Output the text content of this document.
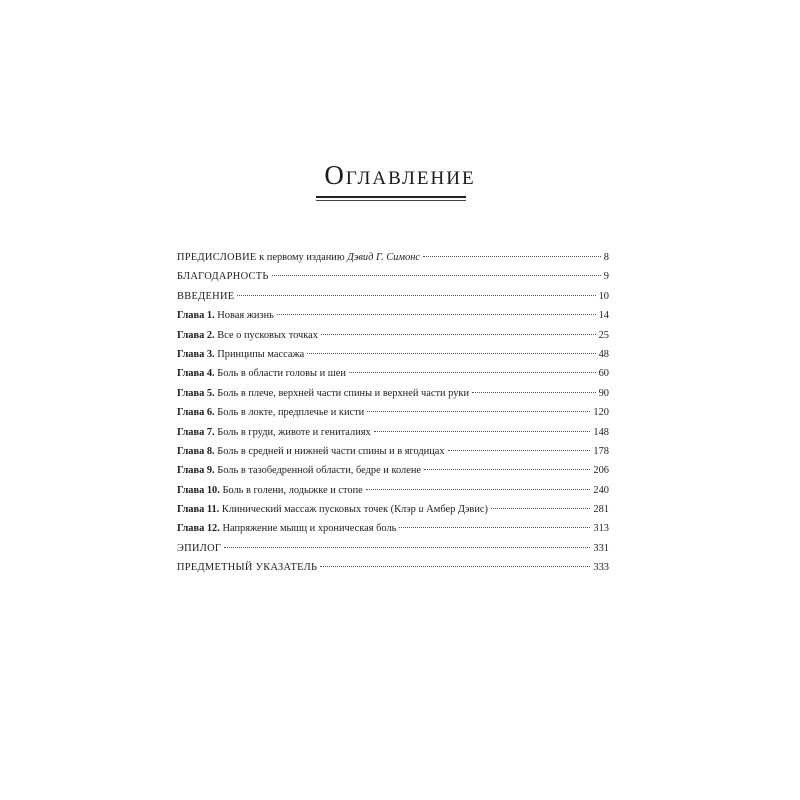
Оглавление
ПРЕДИСЛОВИЕ к первому изданию Дэвид Г. Симонс	8
БЛАГОДАРНОСТЬ	9
ВВЕДЕНИЕ	10
Глава 1. Новая жизнь	14
Глава 2. Все о пусковых точках	25
Глава 3. Принципы массажа	48
Глава 4. Боль в области головы и шеи	60
Глава 5. Боль в плече, верхней части спины и верхней части руки	90
Глава 6. Боль в локте, предплечье и кисти	120
Глава 7. Боль в груди, животе и гениталиях	148
Глава 8. Боль в средней и нижней части спины и в ягодицах	178
Глава 9. Боль в тазобедренной области, бедре и колене	206
Глава 10. Боль в голени, лодыжке и стопе	240
Глава 11. Клинический массаж пусковых точек (Клэр и Амбер Дэвис)	281
Глава 12. Напряжение мышц и хроническая боль	313
ЭПИЛОГ	331
ПРЕДМЕТНЫЙ УКАЗАТЕЛЬ	333
